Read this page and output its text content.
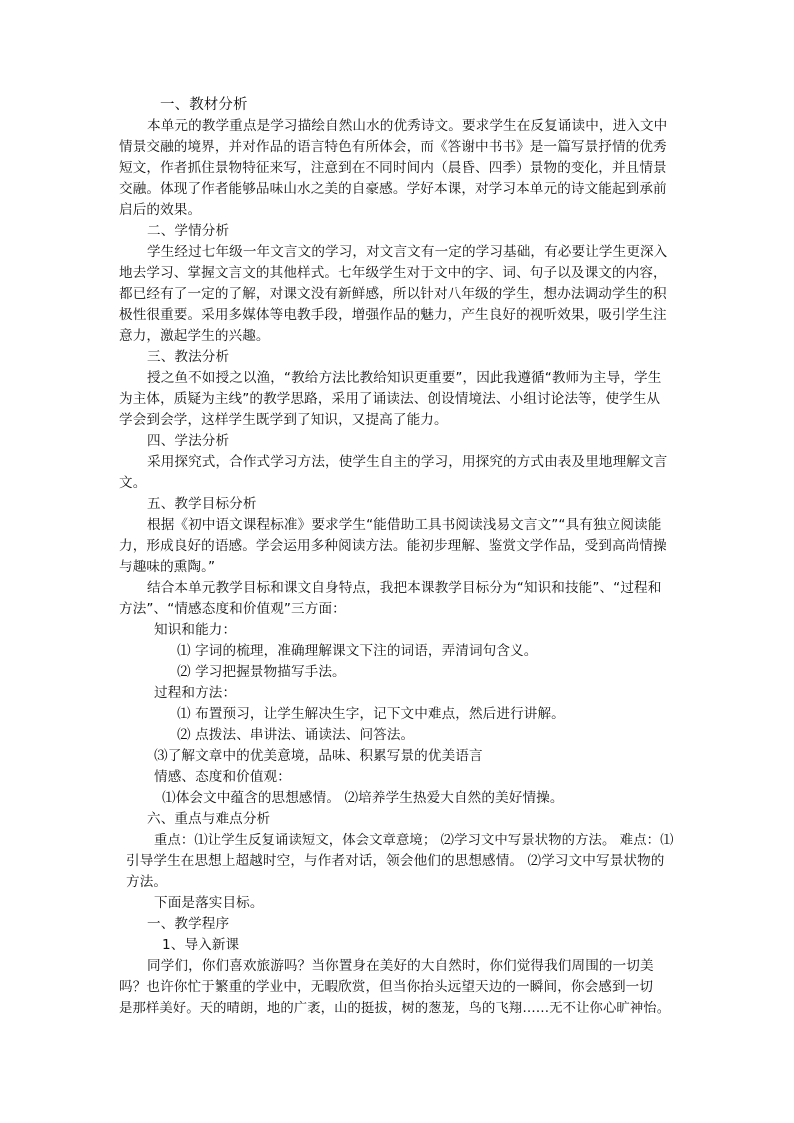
一、教材分析
本单元的教学重点是学习描绘自然山水的优秀诗文。要求学生在反复诵读中，进入文中
情景交融的境界，并对作品的语言特色有所体会，而《答谢中书书》是一篇写景抒情的优秀
短文，作者抓住景物特征来写，注意到在不同时间内（晨昏、四季）景物的变化，并且情景
交融。体现了作者能够品味山水之美的自豪感。学好本课，对学习本单元的诗文能起到承前
启后的效果。
二、学情分析
学生经过七年级一年文言文的学习，对文言文有一定的学习基础，有必要让学生更深入
地去学习、掌握文言文的其他样式。七年级学生对于文中的字、词、句子以及课文的内容，
都已经有了一定的了解，对课文没有新鲜感，所以针对八年级的学生，想办法调动学生的积
极性很重要。采用多媒体等电教手段，增强作品的魅力，产生良好的视听效果，吸引学生注
意力，激起学生的兴趣。
三、教法分析
授之鱼不如授之以渔，“教给方法比教给知识更重要”，因此我遵循“教师为主导，学生
为主体，质疑为主线”的教学思路，采用了诵读法、创设情境法、小组讨论法等，使学生从
学会到会学，这样学生既学到了知识，又提高了能力。
四、学法分析
采用探究式，合作式学习方法，使学生自主的学习，用探究的方式由表及里地理解文言
文。
五、教学目标分析
根据《初中语文课程标准》要求学生“能借助工具书阅读浅易文言文”“具有独立阅读能
力，形成良好的语感。学会运用多种阅读方法。能初步理解、鉴赏文学作品，受到高尚情操
与趣味的熏陶。”
结合本单元教学目标和课文自身特点，我把本课教学目标分为“知识和技能”、“过程和
方法”、“情感态度和价值观”三方面：
知识和能力：
⑴ 字词的梳理，准确理解课文下注的词语，弄清词句含义。
⑵ 学习把握景物描写手法。
过程和方法：
⑴ 布置预习，让学生解决生字，记下文中难点，然后进行讲解。
⑵ 点拨法、串讲法、诵读法、问答法。
⑶了解文章中的优美意境，品味、积累写景的优美语言
情感、态度和价值观：
⑴体会文中蕴含的思想感情。 ⑵培养学生热爱大自然的美好情操。
六、重点与难点分析
重点：⑴让学生反复诵读短文，体会文章意境； ⑵学习文中写景状物的方法。 难点：⑴
引导学生在思想上超越时空，与作者对话，领会他们的思想感情。 ⑵学习文中写景状物的
方法。
下面是落实目标。
一、教学程序
1、导入新课
同学们，你们喜欢旅游吗？当你置身在美好的大自然时，你们觉得我们周围的一切美
吗？也许你忙于繁重的学业中，无暇欣赏，但当你抬头远望天边的一瞬间，你会感到一切
是那样美好。天的晴朗，地的广袤，山的挺拔，树的葱茏，鸟的飞翔……无不让你心旷神怡。
